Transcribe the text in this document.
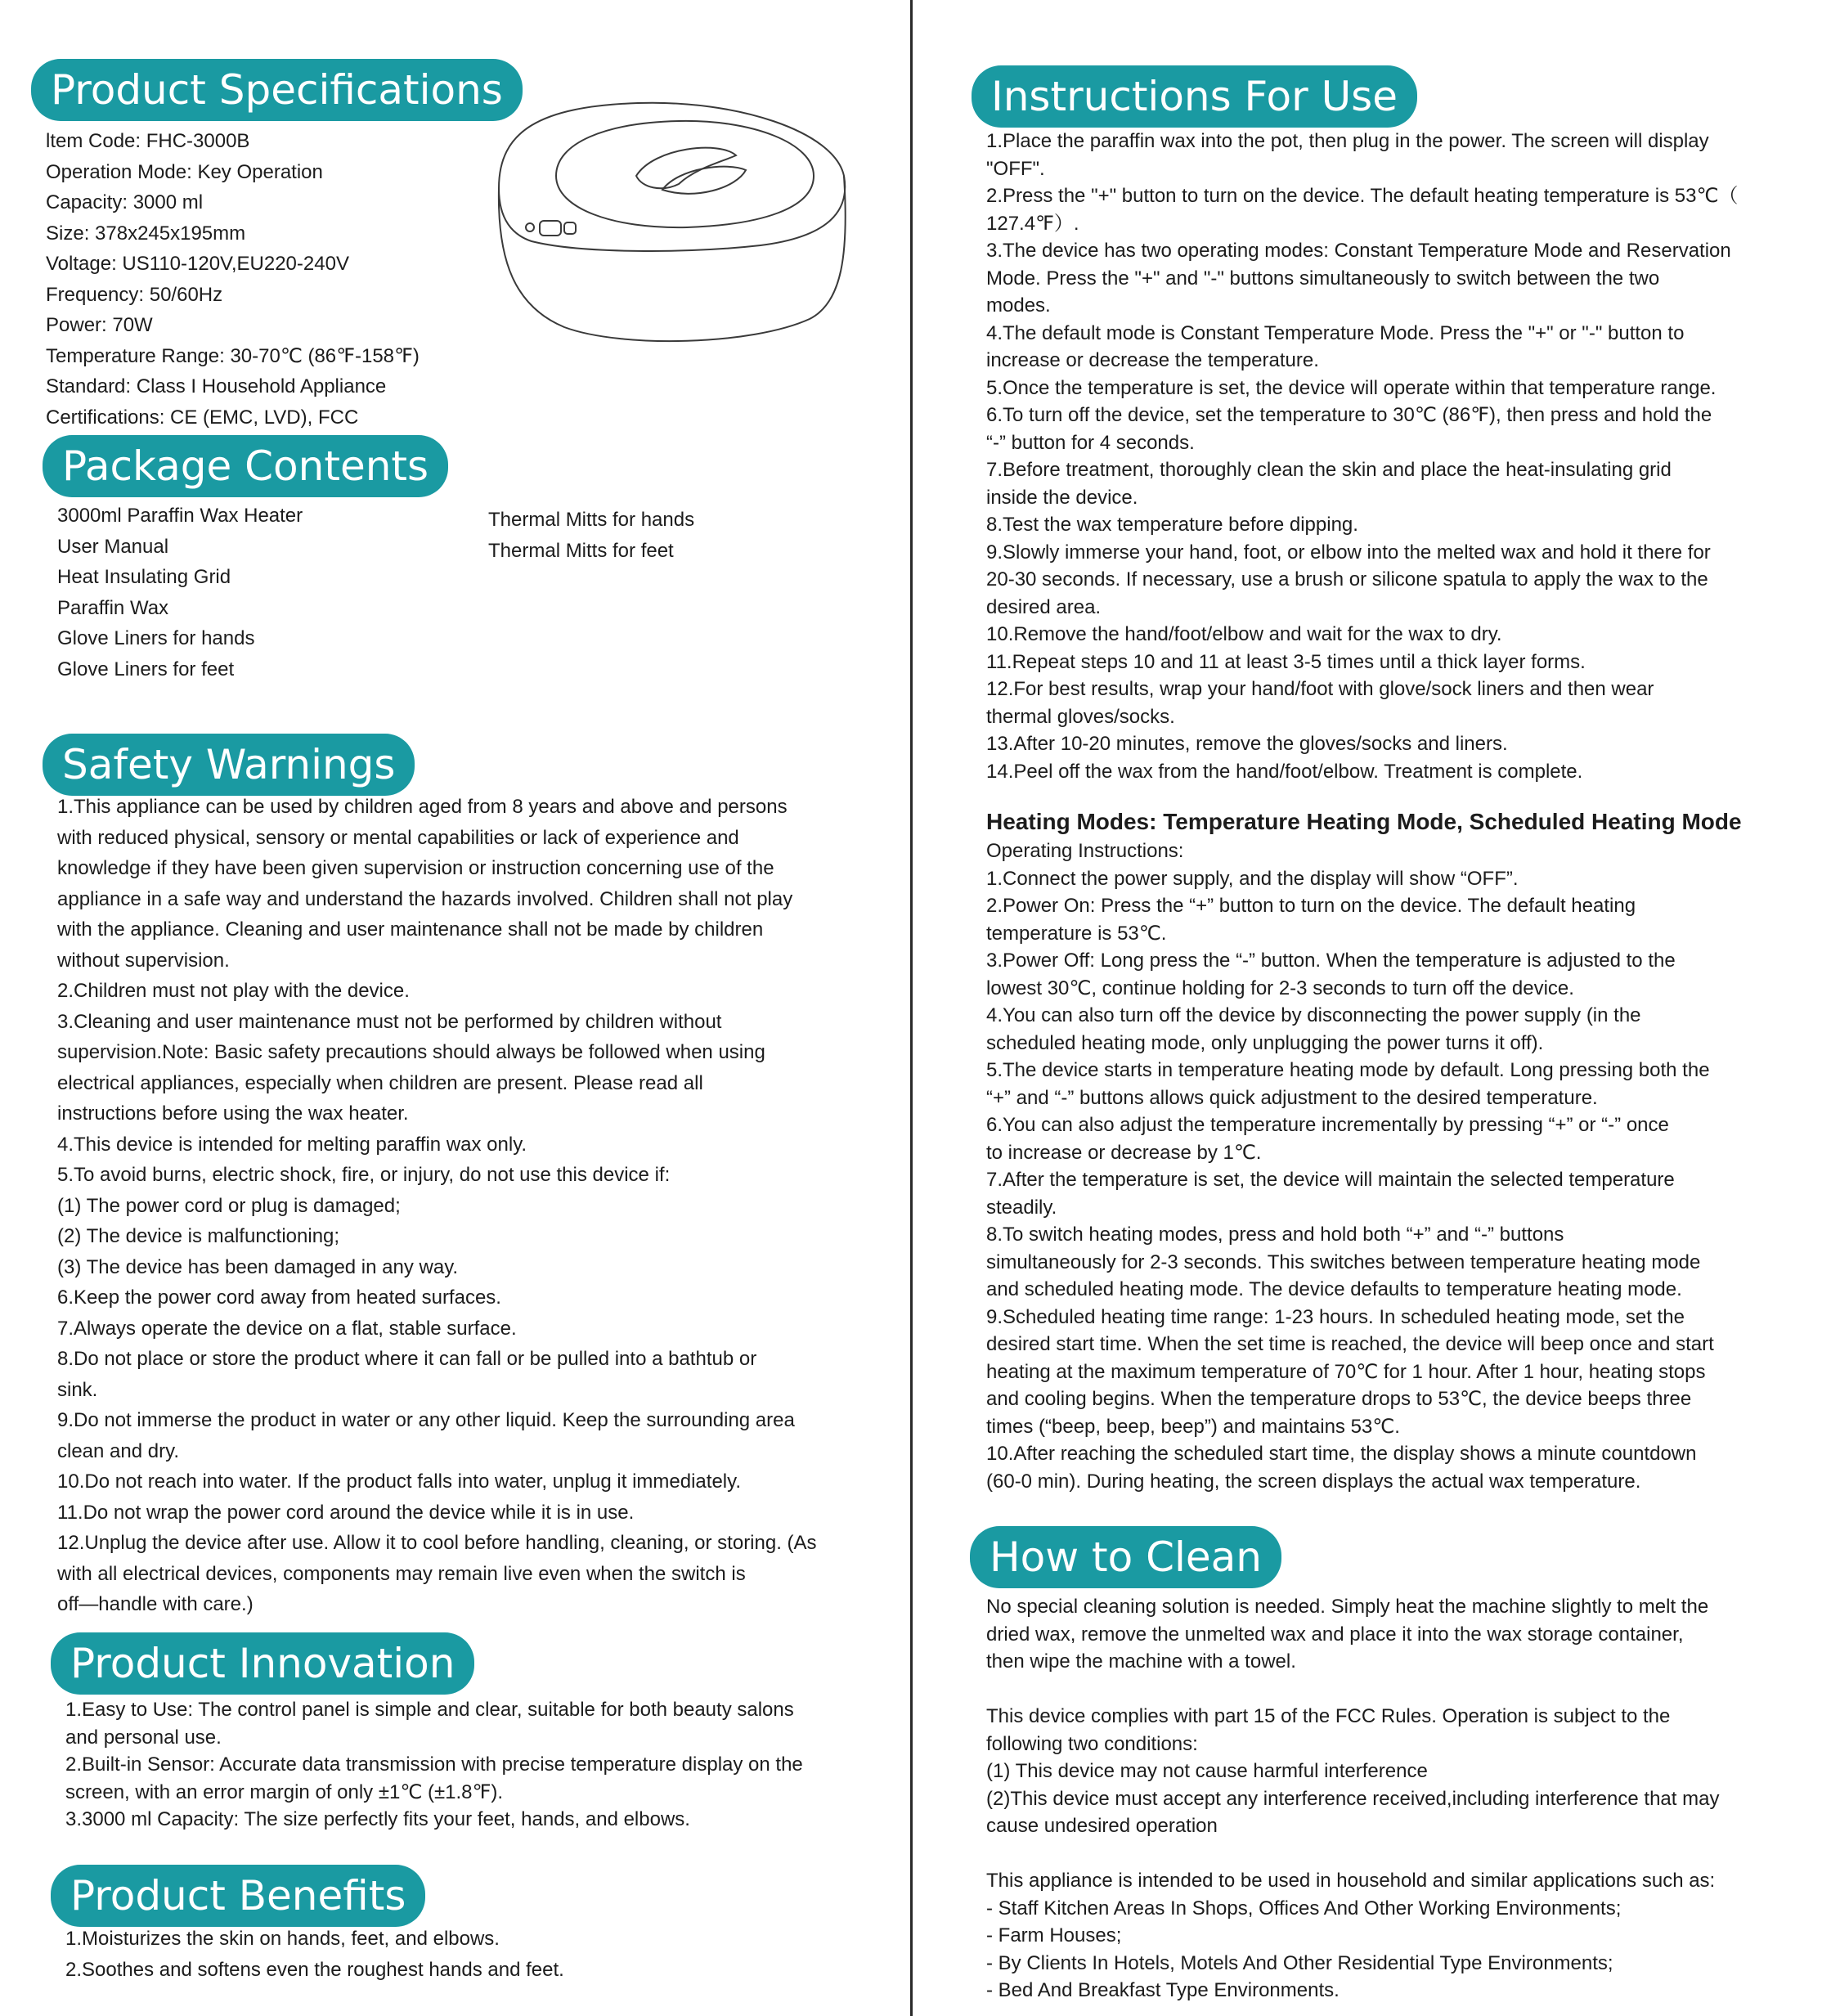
Product Specifications
ltem Code: FHC-3000B
Operation Mode: Key Operation
Capacity: 3000 ml
Size: 378x245x195mm
Voltage: US110-120V,EU220-240V
Frequency: 50/60Hz
Power: 70W
Temperature Range: 30-70℃ (86℉-158℉)
Standard: Class I Household Appliance
Certifications: CE (EMC, LVD), FCC
Package Contents
3000ml Paraffin Wax Heater
User Manual
Heat Insulating Grid
Paraffin Wax
Glove Liners for hands
Glove Liners for feet
Thermal Mitts for hands
Thermal Mitts for feet
Safety Warnings
1.This appliance can be used by children aged from 8 years and above and persons
with reduced physical, sensory or mental capabilities or lack of experience and
knowledge if they have been given supervision or instruction concerning use of the
appliance in a safe way and understand the hazards involved. Children shall not play
with the appliance. Cleaning and user maintenance shall not be made by children
without supervision.
2.Children must not play with the device.
3.Cleaning and user maintenance must not be performed by children without
supervision.Note: Basic safety precautions should always be followed when using
electrical appliances, especially when children are present. Please read all
instructions before using the wax heater.
4.This device is intended for melting paraffin wax only.
5.To avoid burns, electric shock, fire, or injury, do not use this device if:
(1) The power cord or plug is damaged;
(2) The device is malfunctioning;
(3) The device has been damaged in any way.
6.Keep the power cord away from heated surfaces.
7.Always operate the device on a flat, stable surface.
8.Do not place or store the product where it can fall or be pulled into a bathtub or
sink.
9.Do not immerse the product in water or any other liquid. Keep the surrounding area
clean and dry.
10.Do not reach into water. If the product falls into water, unplug it immediately.
11.Do not wrap the power cord around the device while it is in use.
12.Unplug the device after use. Allow it to cool before handling, cleaning, or storing. (As
with all electrical devices, components may remain live even when the switch is
off—handle with care.)
Product Innovation
1.Easy to Use: The control panel is simple and clear, suitable for both beauty salons
and personal use.
2.Built-in Sensor: Accurate data transmission with precise temperature display on the
screen, with an error margin of only ±1℃ (±1.8℉).
3.3000 ml Capacity: The size perfectly fits your feet, hands, and elbows.
Product Benefits
1.Moisturizes the skin on hands, feet, and elbows.
2.Soothes and softens even the roughest hands and feet.
Instructions For Use
1.Place the paraffin wax into the pot, then plug in the power. The screen will display
"OFF".
2.Press the "+" button to turn on the device. The default heating temperature is 53℃（
127.4℉）.
3.The device has two operating modes: Constant Temperature Mode and Reservation
Mode. Press the "+" and "-" buttons simultaneously to switch between the two
modes.
4.The default mode is Constant Temperature Mode. Press the "+" or "-" button to
increase or decrease the temperature.
5.Once the temperature is set, the device will operate within that temperature range.
6.To turn off the device, set the temperature to 30℃ (86℉), then press and hold the
“-” button for 4 seconds.
7.Before treatment, thoroughly clean the skin and place the heat-insulating grid
inside the device.
8.Test the wax temperature before dipping.
9.Slowly immerse your hand, foot, or elbow into the melted wax and hold it there for
20-30 seconds. If necessary, use a brush or silicone spatula to apply the wax to the
desired area.
10.Remove the hand/foot/elbow and wait for the wax to dry.
11.Repeat steps 10 and 11 at least 3-5 times until a thick layer forms.
12.For best results, wrap your hand/foot with glove/sock liners and then wear
thermal gloves/socks.
13.After 10-20 minutes, remove the gloves/socks and liners.
14.Peel off the wax from the hand/foot/elbow. Treatment is complete.
Heating Modes: Temperature Heating Mode, Scheduled Heating Mode
Operating Instructions:
1.Connect the power supply, and the display will show “OFF”.
2.Power On: Press the “+” button to turn on the device. The default heating
temperature is 53℃.
3.Power Off: Long press the “-” button. When the temperature is adjusted to the
lowest 30℃, continue holding for 2-3 seconds to turn off the device.
4.You can also turn off the device by disconnecting the power supply (in the
scheduled heating mode, only unplugging the power turns it off).
5.The device starts in temperature heating mode by default. Long pressing both the
“+” and “-” buttons allows quick adjustment to the desired temperature.
6.You can also adjust the temperature incrementally by pressing “+” or “-” once
to increase or decrease by 1℃.
7.After the temperature is set, the device will maintain the selected temperature
steadily.
8.To switch heating modes, press and hold both “+” and “-” buttons
simultaneously for 2-3 seconds. This switches between temperature heating mode
and scheduled heating mode. The device defaults to temperature heating mode.
9.Scheduled heating time range: 1-23 hours. In scheduled heating mode, set the
desired start time. When the set time is reached, the device will beep once and start
heating at the maximum temperature of 70℃ for 1 hour. After 1 hour, heating stops
and cooling begins. When the temperature drops to 53℃, the device beeps three
times (“beep, beep, beep”) and maintains 53℃.
10.After reaching the scheduled start time, the display shows a minute countdown
(60-0 min). During heating, the screen displays the actual wax temperature.
How to Clean
No special cleaning solution is needed. Simply heat the machine slightly to melt the
dried wax, remove the unmelted wax and place it into the wax storage container,
then wipe the machine with a towel.
This device complies with part 15 of the FCC Rules. Operation is subject to the
following two conditions:
(1) This device may not cause harmful interference
(2)This device must accept any interference received,including interference that may
cause undesired operation
This appliance is intended to be used in household and similar applications such as:
- Staff Kitchen Areas In Shops, Offices And Other Working Environments;
- Farm Houses;
- By Clients In Hotels, Motels And Other Residential Type Environments;
- Bed And Breakfast Type Environments.
